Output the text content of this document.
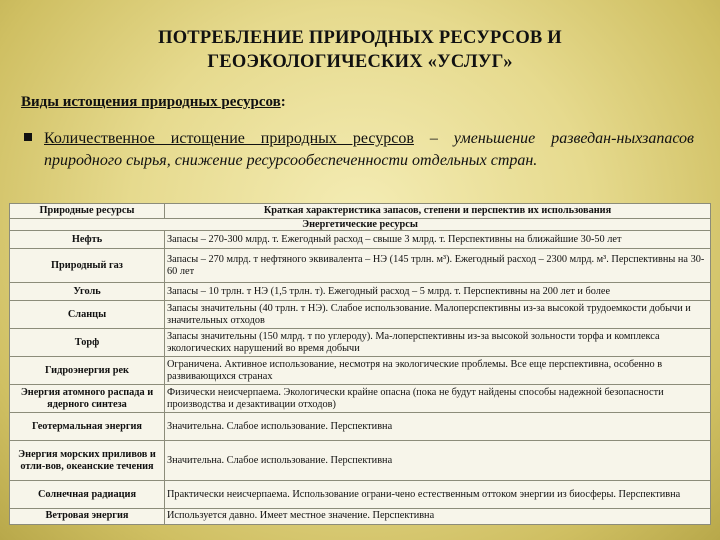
ПОТРЕБЛЕНИЕ ПРИРОДНЫХ РЕСУРСОВ И ГЕОЭКОЛОГИЧЕСКИХ «УСЛУГ»
Виды истощения природных ресурсов:
Количественное истощение природных ресурсов – уменьшение разведан-ныхзапасов природного сырья, снижение ресурсообеспеченности отдельных стран.
Природные ресурсы	Краткая характеристика запасов, степени и перспектив их использования
Энергетические ресурсы	
Нефть	Запасы – 270-300 млрд. т. Ежегодный расход – свыше 3 млрд. т. Перспективны на ближайшие 30-50 лет
Природный газ	Запасы – 270 млрд. т нефтяного эквивалента – НЭ (145 трлн. м³). Ежегодный расход – 2300 млрд. м³. Перспективны на 30-60 лет
Уголь	Запасы – 10 трлн. т НЭ (1,5 трлн. т). Ежегодный расход – 5 млрд. т. Перспективны на 200 лет и более
Сланцы	Запасы значительны (40 трлн. т НЭ). Слабое использование. Малоперспективны из-за высокой трудоемкости добычи и значительных отходов
Торф	Запасы значительны (150 млрд. т по углероду). Ма-лоперспективны из-за высокой зольности торфа и комплекса экологических нарушений во время добычи
Гидроэнергия рек	Ограничена. Активное использование, несмотря на экологические проблемы. Все еще перспективна, особенно в развивающихся странах
Энергия атомного распада и ядерного синтеза	Физически неисчерпаема. Экологически крайне опасна (пока не будут найдены способы надежной безопасности производства и дезактивации отходов)
Геотермальная энергия	Значительна. Слабое использование. Перспективна
Энергия морских приливов и отли-вов, океанские течения	Значительна. Слабое использование. Перспективна
Солнечная радиация	Практически неисчерпаема. Использование ограни-чено естественным оттоком энергии из биосферы. Перспективна
Ветровая энергия	Используется давно. Имеет местное значение. Перспективна
